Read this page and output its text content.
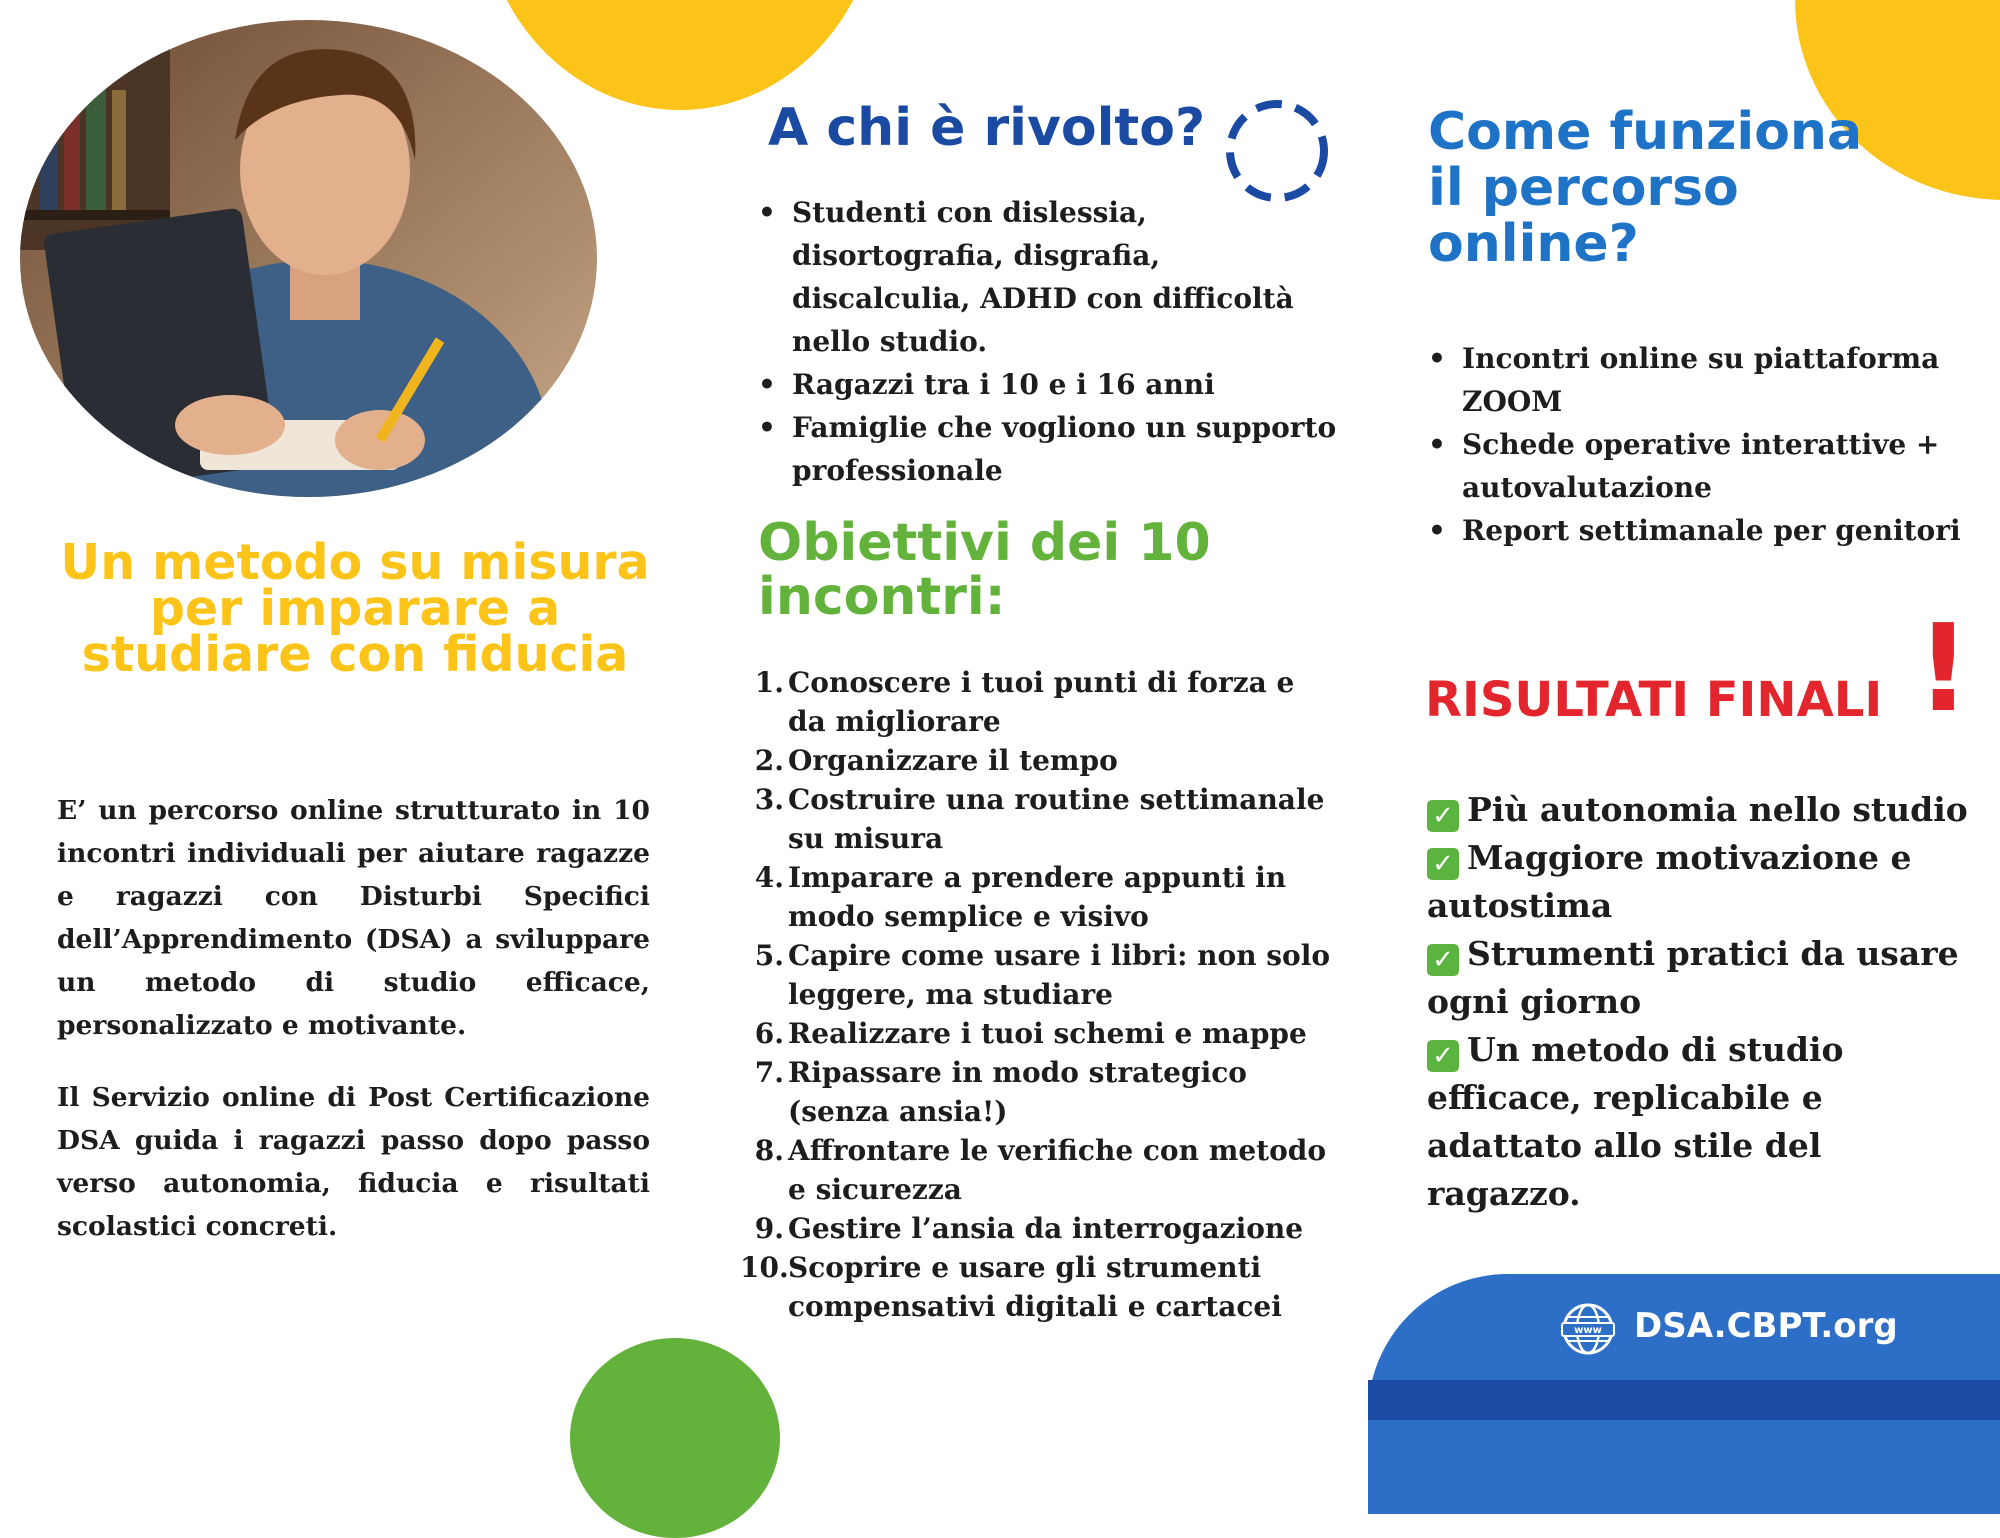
Un metodo su misura per imparare a studiare con fiducia
E’ un percorso online strutturato in 10 incontri individuali per aiutare ragazze e ragazzi con Disturbi Specifici dell’Apprendimento (DSA) a sviluppare un metodo di studio efficace, personalizzato e motivante.
Il Servizio online di Post Certificazione DSA guida i ragazzi passo dopo passo verso autonomia, fiducia e risultati scolastici concreti.
A chi è rivolto?
• Studenti con dislessia, disortografia, disgrafia, discalculia, ADHD con difficoltà nello studio.
• Ragazzi tra i 10 e i 16 anni
• Famiglie che vogliono un supporto professionale
Obiettivi dei 10 incontri:
1. Conoscere i tuoi punti di forza e da migliorare
2. Organizzare il tempo
3. Costruire una routine settimanale su misura
4. Imparare a prendere appunti in modo semplice e visivo
5. Capire come usare i libri: non solo leggere, ma studiare
6. Realizzare i tuoi schemi e mappe
7. Ripassare in modo strategico (senza ansia!)
8. Affrontare le verifiche con metodo e sicurezza
9. Gestire l’ansia da interrogazione
10. Scoprire e usare gli strumenti compensativi digitali e cartacei
Come funziona il percorso online?
• Incontri online su piattaforma ZOOM
• Schede operative interattive + autovalutazione
• Report settimanale per genitori
RISULTATI FINALI !
✓ Più autonomia nello studio
✓ Maggiore motivazione e autostima
✓ Strumenti pratici da usare ogni giorno
✓ Un metodo di studio efficace, replicabile e adattato allo stile del ragazzo.
www DSA.CBPT.org
